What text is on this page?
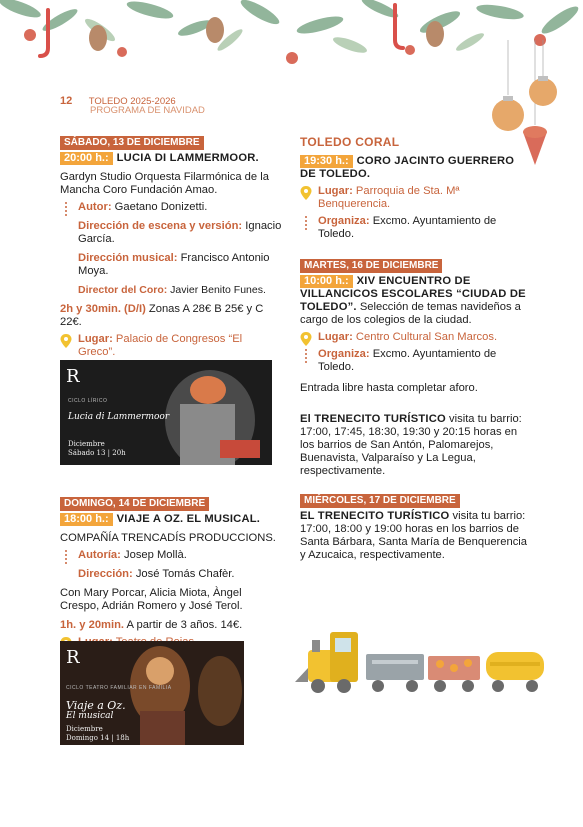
12 TOLEDO 2025-2026
PROGRAMA DE NAVIDAD
SÁBADO, 13 DE DICIEMBRE

20:00 h.: LUCIA DI LAMMERMOOR.

Gardyn Studio Orquesta Filarmónica de la Mancha Coro Fundación Amao.

Autor: Gaetano Donizetti.

Dirección de escena y versión: Ignacio García.

Dirección musical: Francisco Antonio Moya.

Director del Coro: Javier Benito Funes.

2h y 30min. (D/I) Zonas A 28€ B 25€ y C 22€.

Lugar: Palacio de Congresos “El Greco”.

DOMINGO, 14 DE DICIEMBRE

18:00 h.: VIAJE A OZ. EL MUSICAL.

COMPAÑÍA TRENCADÍS PRODUCCIONS.

Autoría: Josep Mollà.

Dirección: José Tomás Chafèr.

Con Mary Porcar, Alicia Miota, Àngel Crespo, Adrián Romero y José Terol.

1h. y 20min. A partir de 3 años. 14€.

R
CICLO LÍRICO
Lucia di Lammermoor
Diciembre
Sábado 13 | 20h
R
CICLO TEATRO FAMILIAR EN FAMILIA
Viaje a Oz.
El musical
Diciembre
Domingo 14 | 18h

TOLEDO CORAL

19:30 h.: CORO JACINTO GUERRERO DE TOLEDO.

Lugar: Parroquia de Sta. Mª Benquerencia.

Organiza: Excmo. Ayuntamiento de Toledo.

MARTES, 16 DE DICIEMBRE

10:00 h.: XIV ENCUENTRO DE VILLANCICOS ESCOLARES “CIUDAD DE TOLEDO”. Selección de temas navideños a cargo de los colegios de la ciudad.

Lugar: Centro Cultural San Marcos.

Organiza: Excmo. Ayuntamiento de Toledo.

Entrada libre hasta completar aforo.

El TRENECITO TURÍSTICO visita tu barrio: 17:00, 17:45, 18:30, 19:30 y 20:15 horas en los barrios de San Antón, Palomarejos, Buenavista, Valparaíso y La Legua, respectivamente.

MIÉRCOLES, 17 DE DICIEMBRE

EL TRENECITO TURÍSTICO visita tu barrio: 17:00, 18:00 y 19:00 horas en los barrios de Santa Bárbara, Santa María de Benquerencia y Azucaica, respectivamente.
